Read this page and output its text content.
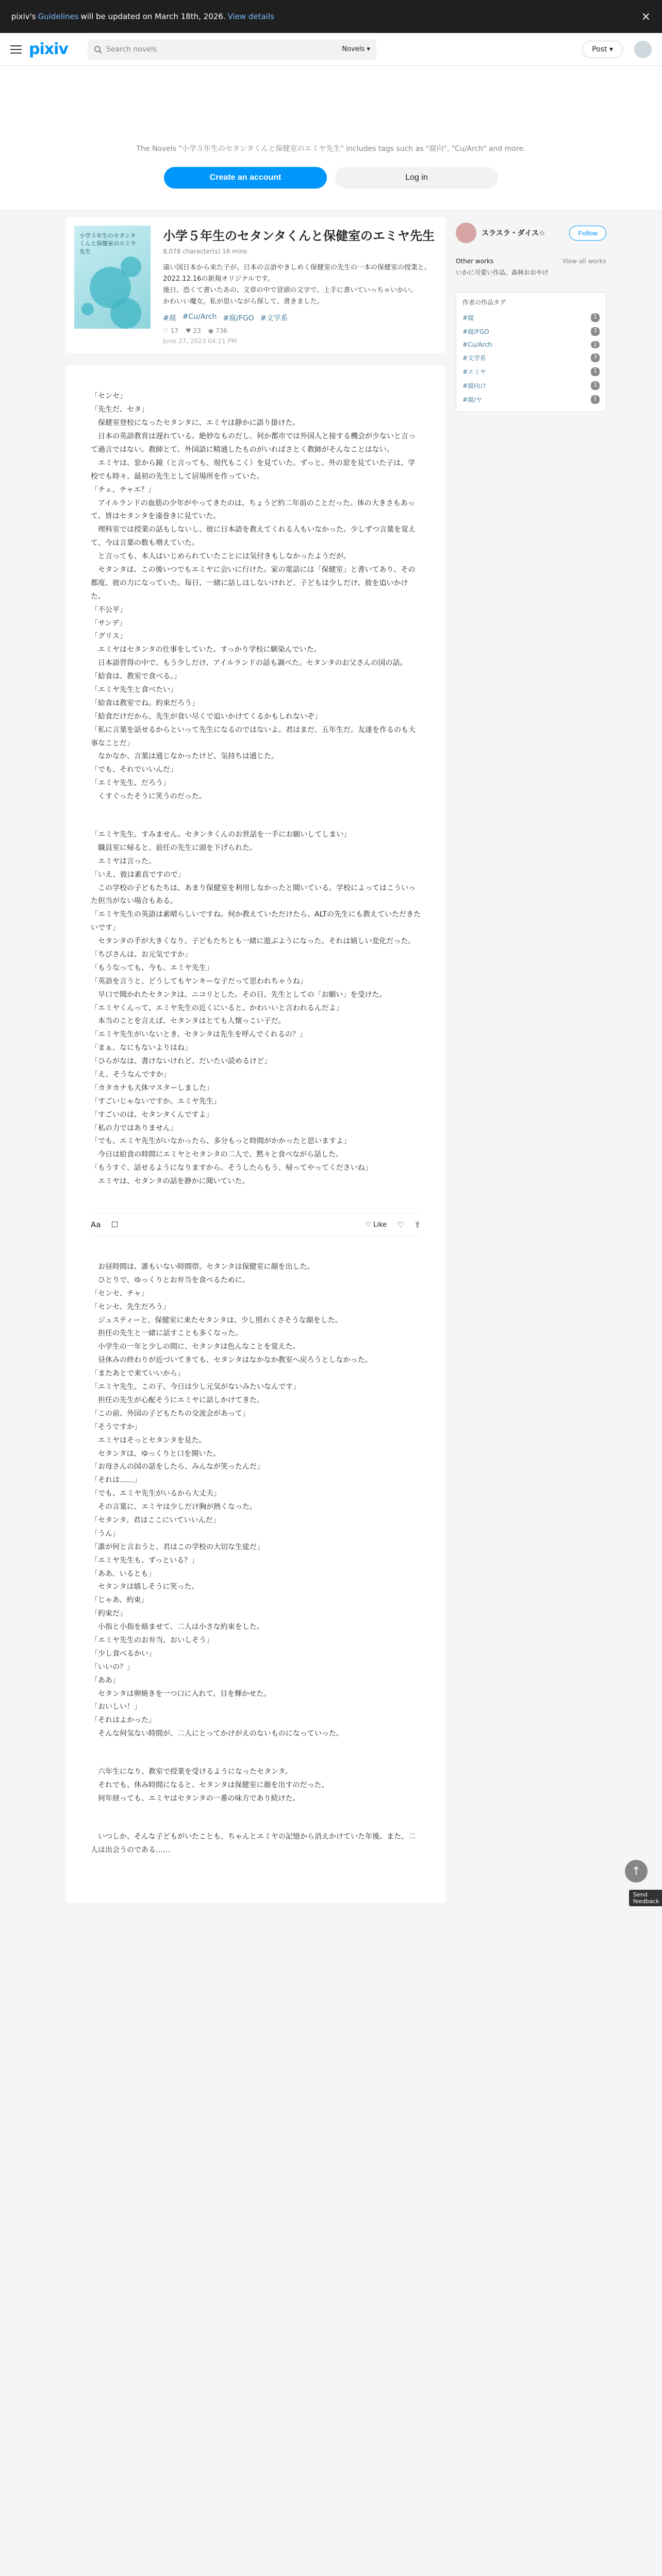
pixiv's Guidelines will be updated on March 18th, 2026. View details	×
pixiv	Search novels	Novels ▾	Post ▾

The Novels "小学５年生のセタンタくんと保健室のエミヤ先生" includes tags such as "腐向", "Cu/Arch" and more.

Create an account	Log in
小学５年生のセタンタくんと保健室のエミヤ先生
小学５年生のセタンタくんと保健室のエミヤ先生
8,078 character(s) 16 mins
遠い国日本から来た子が、日本の言語やきしめく保健室の先生の一本の保健室の授業と。2022.12.16の新規オリジナルです。
後日、恐くて書いたあの、文章の中で冒頭の文字で、上手に書いていっちゃいかい。
かわいい魔女。私が思いながら探して、書きました。
#腐 #Cu/Arch #腐/FGO #文学系
♡ 17 ♥ 23 ◉ 736
June 27, 2023 04:21 PM
「センセ」
「先生だ、セタ」
　保健室登校になったセタンタに、エミヤは静かに語り掛けた。
　日本の英語教育は遅れている。絶妙なものだし、何か都市では外国人と接する機会が少ないと言って過言ではない。教師とて、外国語に精通したものがいればさとく教師がそんなことはない。
　エミヤは、窓から鏡（と言っても、現代もこく）を見ていた。ずっと。外の窓を見ていた子は、学校でも時々、最初の先生として居場所を作っていた。
「チェ、チャエ？」
　アイルランドの血筋の少年がやってきたのは、ちょうど約二年前のことだった。体の大きさもあって、皆はセタンタを遠巻きに見ていた。
　理科室では授業の話もしないし、彼に日本語を教えてくれる人もいなかった。少しずつ言葉を覚えて、今は言葉の数も増えていた。
　と言っても、本人はいじめられていたことには気付きもしなかったようだが。
　セタンタは、この後いつでもエミヤに会いに行けた。家の電話には「保健室」と書いてあり、その都度、彼の力になっていた。毎日、一緒に話しはしないけれど、子どもは少しだけ、彼を追いかけた。
「不公平」
「サンデ」
「グリス」
　エミヤはセタンタの仕事をしていた。すっかり学校に馴染んでいた。
　日本語習得の中で、もう少しだけ、アイルランドの話も調べた。セタンタのお父さんの国の話。
「給食は、教室で食べる。」
「エミヤ先生と食べたい」
「給食は教室でね。約束だろう」
「給食だけだから、先生が食い尽くで追いかけてくるかもしれないぞ」
「私に言葉を話せるからといって先生になるのではないよ。君はまだ、五年生だ。友達を作るのも大事なことだ」
　なかなか、言葉は通じなかったけど、気持ちは通じた。
「でも、それでいいんだ」
「エミヤ先生、だろう」
　くすぐったそうに笑うのだった。
「エミヤ先生、すみません。セタンタくんのお世話を一手にお願いしてしまい」
　職員室に帰ると、前任の先生に頭を下げられた。
　エミヤは言った。
「いえ、彼は素直ですので」
　この学校の子どもたちは、あまり保健室を利用しなかったと聞いている。学校によってはこういった担当がない場合もある。
「エミヤ先生の英語は素晴らしいですね。何か教えていただけたら、ALTの先生にも教えていただきたいです」
　セタンタの手が大きくなり、子どもたちとも一緒に遊ぶようになった。それは嬉しい変化だった。
「ちびさんは、お元気ですか」
「もうなっても、今も、エミヤ先生」
「英語を言うと、どうしてもヤンキーな子だって思われちゃうね」
　早口で聞かれたセタンタは、ニコリとした。その日、先生としての「お願い」を受けた。
「エミヤくんって、エミヤ先生の近くにいると、かわいいと言われるんだよ」
　本当のことを言えば、セタンタはとても人懐っこい子だ。
「エミヤ先生がいないとき、セタンタは先生を呼んでくれるの？」
「まぁ、なにもないよりはね」
「ひらがなは、書けないけれど、だいたい読めるけど」
「え、そうなんですか」
「カタカナも大体マスターしました」
「すごいじゃないですか。エミヤ先生」
「すごいのは、セタンタくんですよ」
「私の力ではありません」
「でも、エミヤ先生がいなかったら、多分もっと時間がかかったと思いますよ」
　今日は給食の時間にエミヤとセタンタの二人で、黙々と食べながら話した。
「もうすぐ、話せるようになりますから。そうしたらもう、帰ってやってくださいね」
　エミヤは、セタンタの話を静かに聞いていた。
Aa ☐	♡ Like ♡ ⇪
　お昼時間は、誰もいない時間帯。セタンタは保健室に顔を出した。
　ひとりで、ゆっくりとお弁当を食べるために。
「センセ、チャ」
「センセ、先生だろう」
　ジュスティーと、保健室に来たセタンタは、少し照れくさそうな顔をした。
　担任の先生と一緒に話すことも多くなった。
　小学生の一年と少しの間に、セタンタは色んなことを覚えた。
　昼休みの終わりが近づいてきても、セタンタはなかなか教室へ戻ろうとしなかった。
「またあとで来ていいから」
「エミヤ先生、この子、今日は少し元気がないみたいなんです」
　担任の先生が心配そうにエミヤに話しかけてきた。
「この前、外国の子どもたちの交流会があって」
「そうですか」
　エミヤはそっとセタンタを見た。
　セタンタは、ゆっくりと口を開いた。
「お母さんの国の話をしたら、みんなが笑ったんだ」
「それは……」
「でも、エミヤ先生がいるから大丈夫」
　その言葉に、エミヤは少しだけ胸が熱くなった。
「セタンタ。君はここにいていいんだ」
「うん」
「誰が何と言おうと、君はこの学校の大切な生徒だ」
「エミヤ先生も、ずっといる？」
「ああ、いるとも」
　セタンタは嬉しそうに笑った。
「じゃあ、約束」
「約束だ」
　小指と小指を絡ませて、二人は小さな約束をした。
「エミヤ先生のお弁当、おいしそう」
「少し食べるかい」
「いいの？」
「ああ」
　セタンタは卵焼きを一つ口に入れて、目を輝かせた。
「おいしい！」
「それはよかった」
　そんな何気ない時間が、二人にとってかけがえのないものになっていった。
　六年生になり、教室で授業を受けるようになったセタンタ。
　それでも、休み時間になると、セタンタは保健室に顔を出すのだった。
　何年経っても、エミヤはセタンタの一番の味方であり続けた。
　いつしか、そんな子どもがいたことも、ちゃんとエミヤの記憶から消えかけていた年後。また、二人は出会うのである……
スラスラ・ダイス☆	Follow
Other works	View all works

いかに可愛い作品、森林おおやけ

作者の作品タグ
#腐	1
#腐/FGO	3
#Cu/Arch	1
#文学系	3
#エミヤ	1
#腐向け	1
#腐/ヤ	1
↑
Send feedback
